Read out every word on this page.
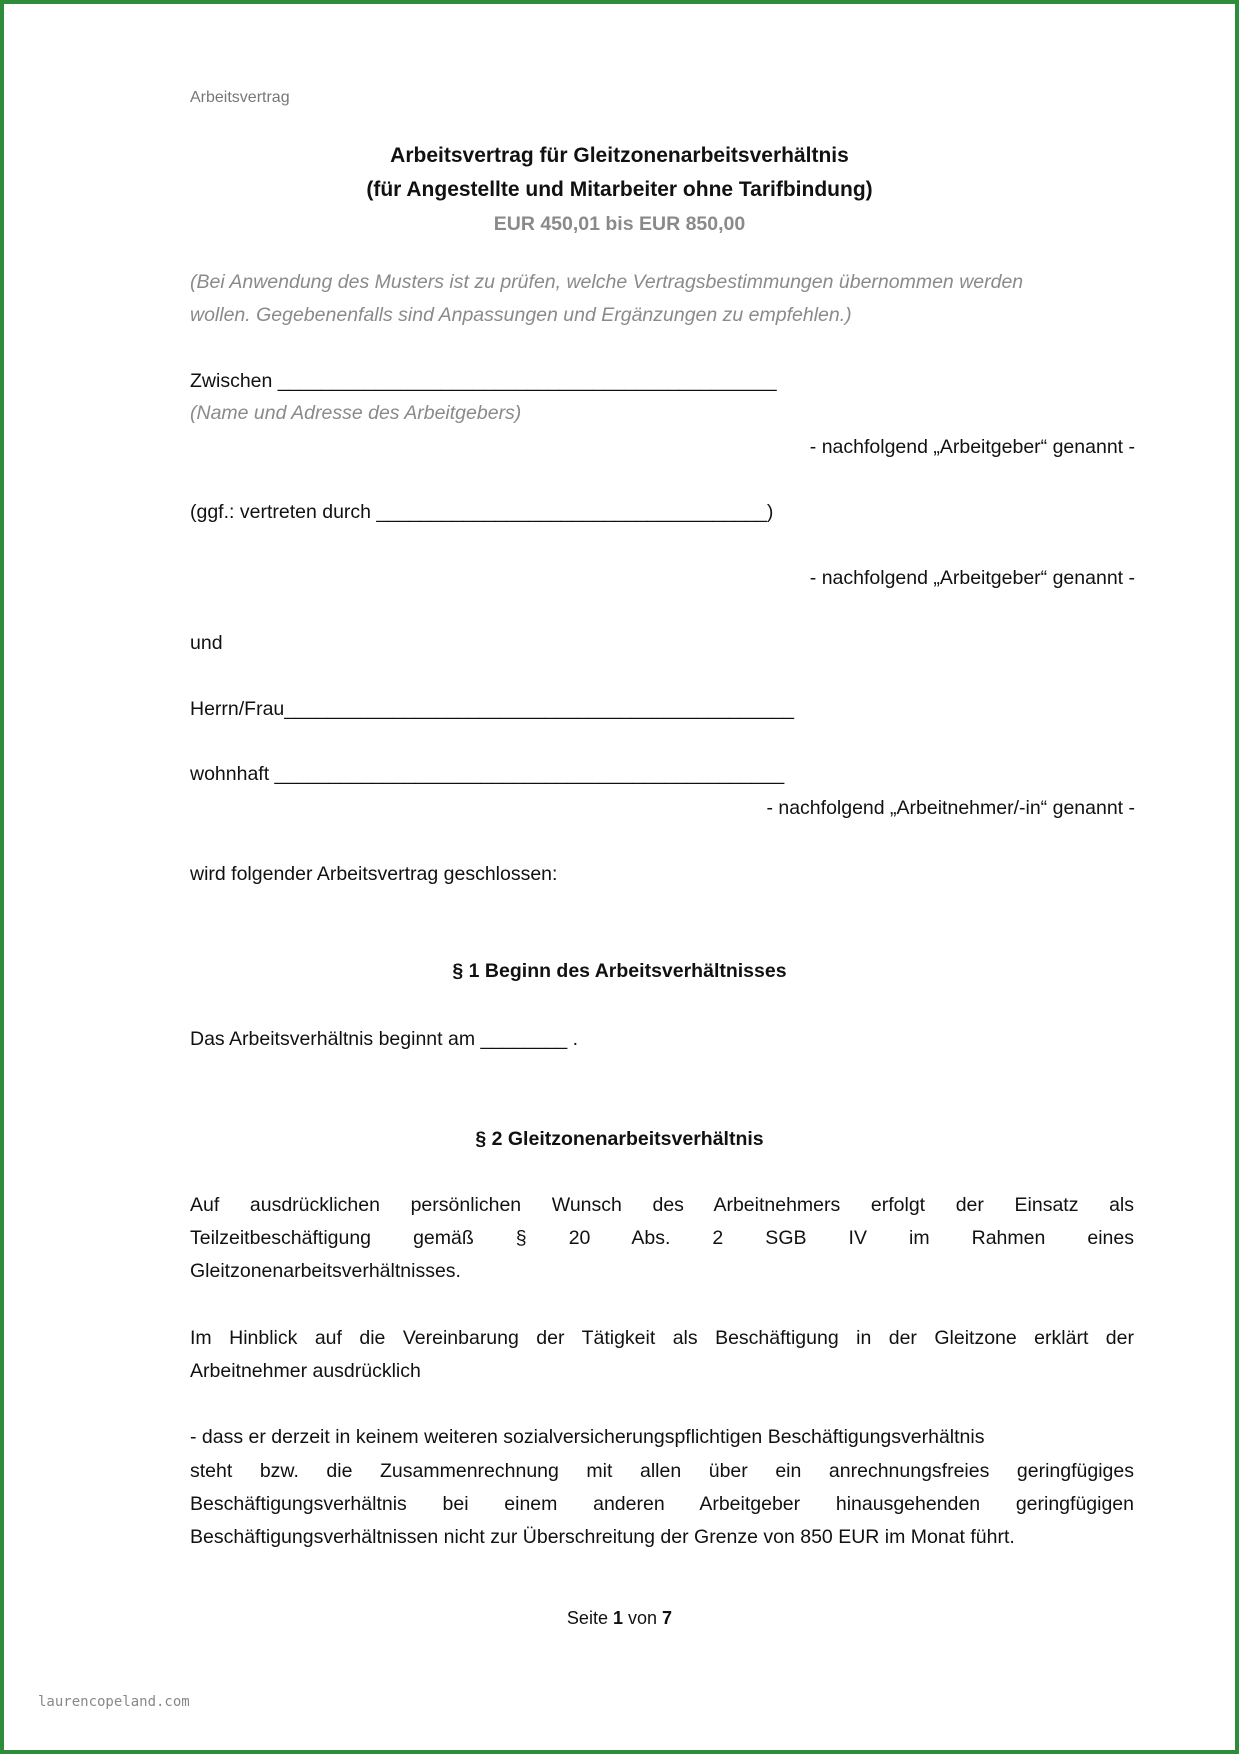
Arbeitsvertrag
Arbeitsvertrag für Gleitzonenarbeitsverhältnis
(für Angestellte und Mitarbeiter ohne Tarifbindung)
EUR 450,01 bis EUR 850,00
(Bei Anwendung des Musters ist zu prüfen, welche Vertragsbestimmungen übernommen werden
wollen. Gegebenenfalls sind Anpassungen und Ergänzungen zu empfehlen.)
Zwischen ______________________________________________
(Name und Adresse des Arbeitgebers)
- nachfolgend „Arbeitgeber“ genannt -
(ggf.: vertreten durch ____________________________________)
- nachfolgend „Arbeitgeber“ genannt -
und
Herrn/Frau_______________________________________________
wohnhaft _______________________________________________
- nachfolgend „Arbeitnehmer/-in“ genannt -
wird folgender Arbeitsvertrag geschlossen:
§ 1 Beginn des Arbeitsverhältnisses
Das Arbeitsverhältnis beginnt am ________ .
§ 2 Gleitzonenarbeitsverhältnis
Auf ausdrücklichen persönlichen Wunsch des Arbeitnehmers erfolgt der Einsatz als
Teilzeitbeschäftigung gemäß § 20 Abs. 2 SGB IV im Rahmen eines
Gleitzonenarbeitsverhältnisses.
Im Hinblick auf die Vereinbarung der Tätigkeit als Beschäftigung in der Gleitzone erklärt der
Arbeitnehmer ausdrücklich
- dass er derzeit in keinem weiteren sozialversicherungspflichtigen Beschäftigungsverhältnis
steht bzw. die Zusammenrechnung mit allen über ein anrechnungsfreies geringfügiges
Beschäftigungsverhältnis bei einem anderen Arbeitgeber hinausgehenden geringfügigen
Beschäftigungsverhältnissen nicht zur Überschreitung der Grenze von 850 EUR im Monat führt.
Seite 1 von 7
laurencopeland.com
